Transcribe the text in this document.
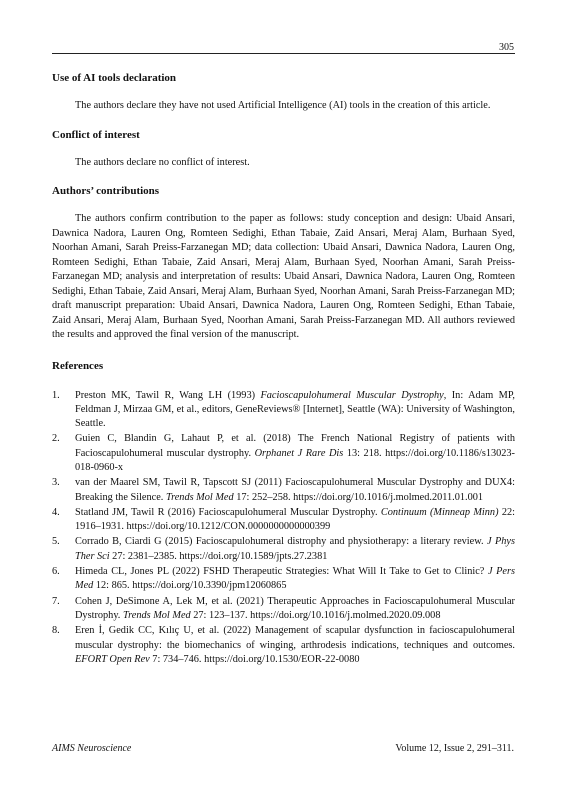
305
Use of AI tools declaration

The authors declare they have not used Artificial Intelligence (AI) tools in the creation of this article.

Conflict of interest

The authors declare no conflict of interest.

Authors’ contributions

The authors confirm contribution to the paper as follows: study conception and design: Ubaid Ansari, Dawnica Nadora, Lauren Ong, Romteen Sedighi, Ethan Tabaie, Zaid Ansari, Meraj Alam, Burhaan Syed, Noorhan Amani, Sarah Preiss-Farzanegan MD; data collection: Ubaid Ansari, Dawnica Nadora, Lauren Ong, Romteen Sedighi, Ethan Tabaie, Zaid Ansari, Meraj Alam, Burhaan Syed, Noorhan Amani, Sarah Preiss-Farzanegan MD; analysis and interpretation of results: Ubaid Ansari, Dawnica Nadora, Lauren Ong, Romteen Sedighi, Ethan Tabaie, Zaid Ansari, Meraj Alam, Burhaan Syed, Noorhan Amani, Sarah Preiss-Farzanegan MD; draft manuscript preparation: Ubaid Ansari, Dawnica Nadora, Lauren Ong, Romteen Sedighi, Ethan Tabaie, Zaid Ansari, Meraj Alam, Burhaan Syed, Noorhan Amani, Sarah Preiss-Farzanegan MD. All authors reviewed the results and approved the final version of the manuscript.

References
1. Preston MK, Tawil R, Wang LH (1993) Facioscapulohumeral Muscular Dystrophy, In: Adam MP, Feldman J, Mirzaa GM, et al., editors, GeneReviews® [Internet], Seattle (WA): University of Washington, Seattle.
2. Guien C, Blandin G, Lahaut P, et al. (2018) The French National Registry of patients with Facioscapulohumeral muscular dystrophy. Orphanet J Rare Dis 13: 218. https://doi.org/10.1186/s13023-018-0960-x
3. van der Maarel SM, Tawil R, Tapscott SJ (2011) Facioscapulohumeral Muscular Dystrophy and DUX4: Breaking the Silence. Trends Mol Med 17: 252–258. https://doi.org/10.1016/j.molmed.2011.01.001
4. Statland JM, Tawil R (2016) Facioscapulohumeral Muscular Dystrophy. Continuum (Minneap Minn) 22: 1916–1931. https://doi.org/10.1212/CON.0000000000000399
5. Corrado B, Ciardi G (2015) Facioscapulohumeral distrophy and physiotherapy: a literary review. J Phys Ther Sci 27: 2381–2385. https://doi.org/10.1589/jpts.27.2381
6. Himeda CL, Jones PL (2022) FSHD Therapeutic Strategies: What Will It Take to Get to Clinic? J Pers Med 12: 865. https://doi.org/10.3390/jpm12060865
7. Cohen J, DeSimone A, Lek M, et al. (2021) Therapeutic Approaches in Facioscapulohumeral Muscular Dystrophy. Trends Mol Med 27: 123–137. https://doi.org/10.1016/j.molmed.2020.09.008
8. Eren İ, Gedik CC, Kılıç U, et al. (2022) Management of scapular dysfunction in facioscapulohumeral muscular dystrophy: the biomechanics of winging, arthrodesis indications, techniques and outcomes. EFORT Open Rev 7: 734–746. https://doi.org/10.1530/EOR-22-0080
AIMS Neuroscience	Volume 12, Issue 2, 291–311.
